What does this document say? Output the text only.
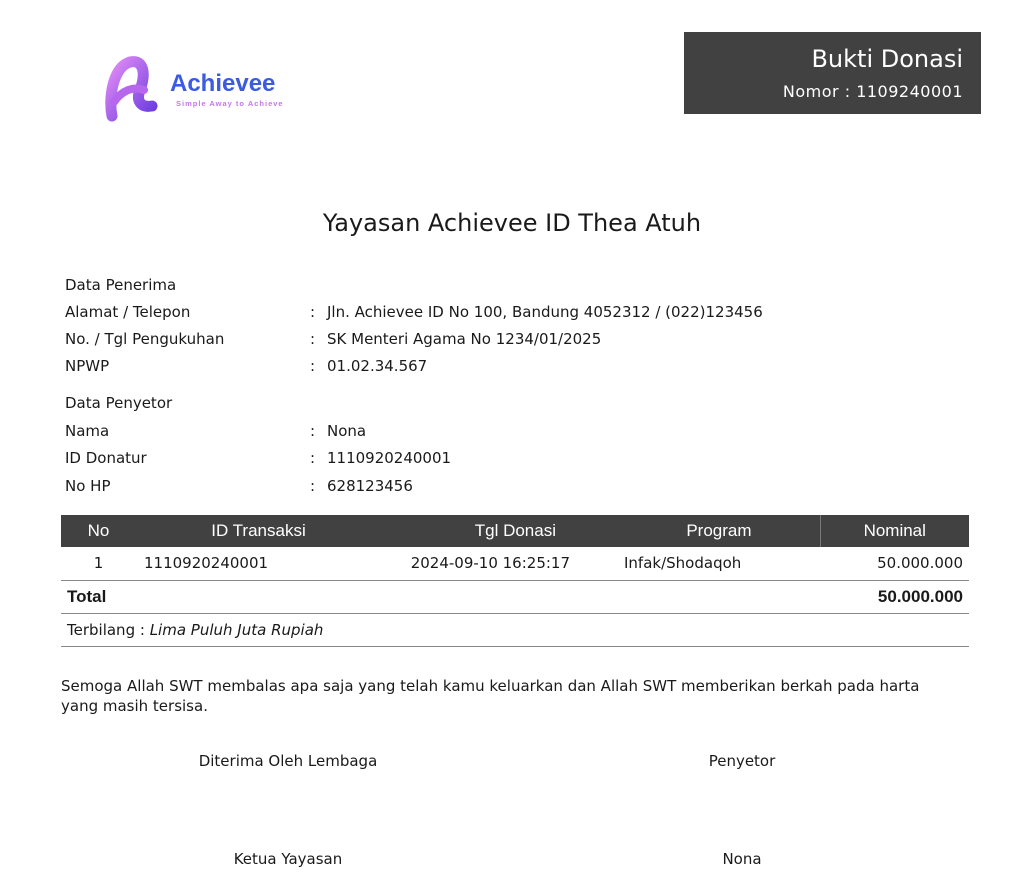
Achievee
Simple Away to Achieve
Bukti Donasi
Nomor : 1109240001
Yayasan Achievee ID Thea Atuh
Data Penerima
Alamat / Telepon	: Jln. Achievee ID No 100, Bandung 4052312 / (022)123456
No. / Tgl Pengukuhan	: SK Menteri Agama No 1234/01/2025
NPWP	: 01.02.34.567
Data Penyetor
Nama	: Nona
ID Donatur	: 1110920240001
No HP	: 628123456
No	ID Transaksi	Tgl Donasi	Program	Nominal
1	1110920240001	2024-09-10 16:25:17	Infak/Shodaqoh	50.000.000
Total				50.000.000
Terbilang : Lima Puluh Juta Rupiah				
Semoga Allah SWT membalas apa saja yang telah kamu keluarkan dan Allah SWT memberikan berkah pada harta yang masih tersisa.
Diterima Oleh Lembaga
Ketua Yayasan
Penyetor
Nona
